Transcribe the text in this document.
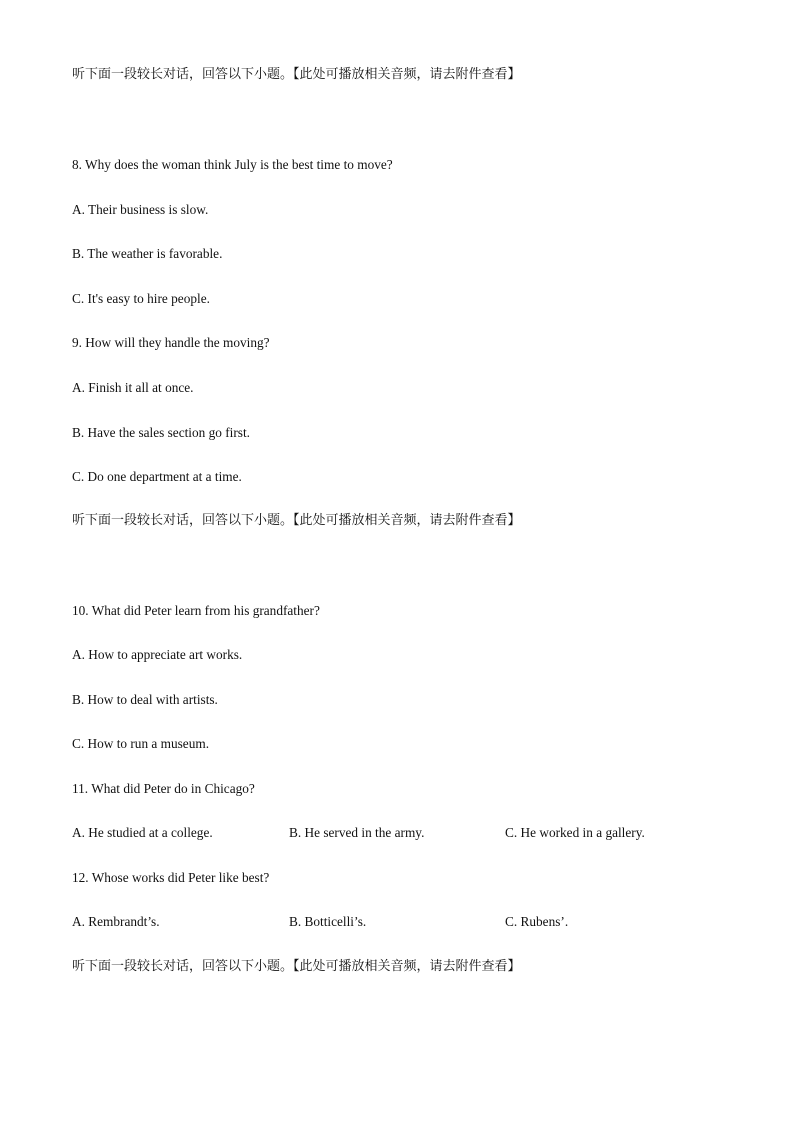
听下面一段较长对话，回答以下小题。【此处可播放相关音频，请去附件查看】
8. Why does the woman think July is the best time to move?
A. Their business is slow.
B. The weather is favorable.
C. It's easy to hire people.
9. How will they handle the moving?
A. Finish it all at once.
B. Have the sales section go first.
C. Do one department at a time.
听下面一段较长对话，回答以下小题。【此处可播放相关音频，请去附件查看】
10. What did Peter learn from his grandfather?
A. How to appreciate art works.
B. How to deal with artists.
C. How to run a museum.
11. What did Peter do in Chicago?
A. He studied at a college.	B. He served in the army.	C. He worked in a gallery.
12. Whose works did Peter like best?
A. Rembrandt’s.	B. Botticelli’s.	C. Rubens’.
听下面一段较长对话，回答以下小题。【此处可播放相关音频，请去附件查看】
